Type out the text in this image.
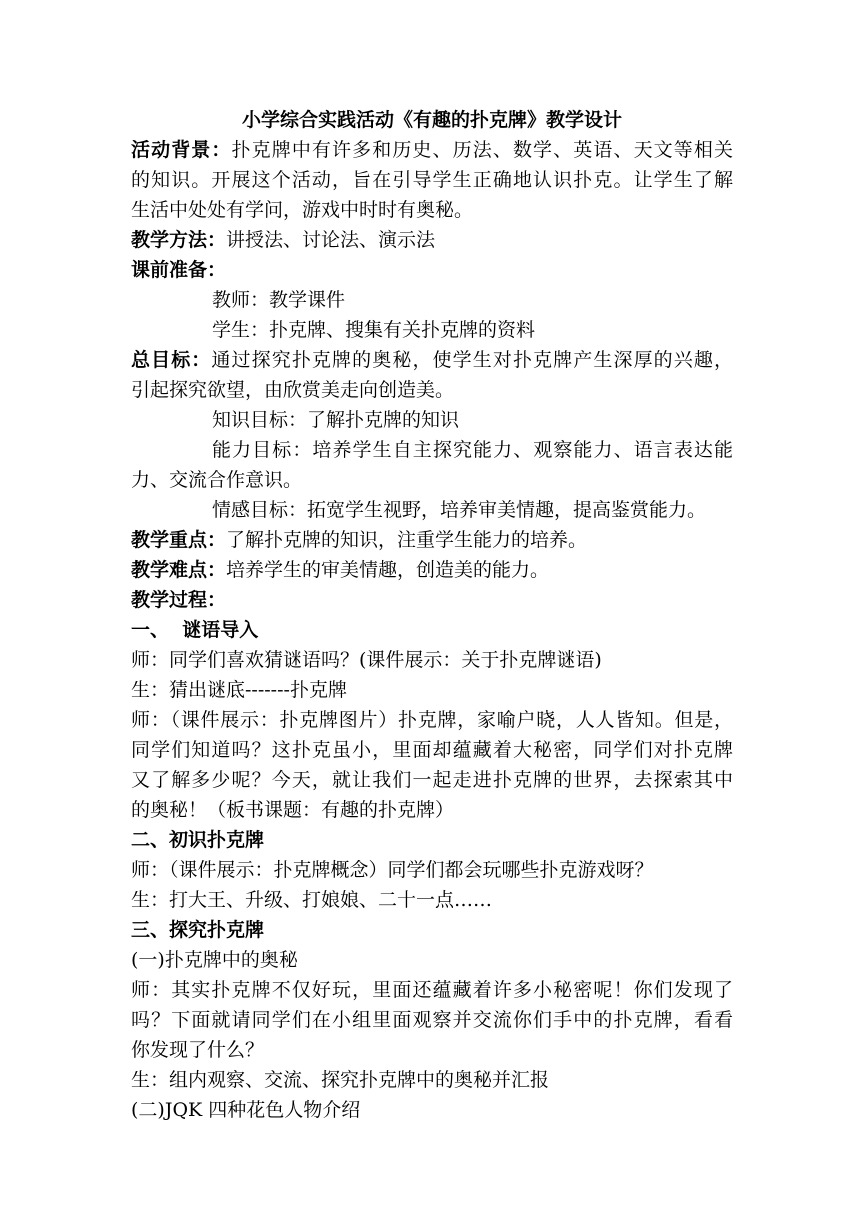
小学综合实践活动《有趣的扑克牌》教学设计
活动背景：扑克牌中有许多和历史、历法、数学、英语、天文等相关
的知识。开展这个活动，旨在引导学生正确地认识扑克。让学生了解
生活中处处有学问，游戏中时时有奥秘。
教学方法：讲授法、讨论法、演示法
课前准备：
教师：教学课件
学生：扑克牌、搜集有关扑克牌的资料
总目标：通过探究扑克牌的奥秘，使学生对扑克牌产生深厚的兴趣，
引起探究欲望，由欣赏美走向创造美。
知识目标：了解扑克牌的知识
能力目标：培养学生自主探究能力、观察能力、语言表达能
力、交流合作意识。
情感目标：拓宽学生视野，培养审美情趣，提高鉴赏能力。
教学重点：了解扑克牌的知识，注重学生能力的培养。
教学难点：培养学生的审美情趣，创造美的能力。
教学过程：
一、  谜语导入
师：同学们喜欢猜谜语吗？(课件展示：关于扑克牌谜语)
生：猜出谜底-------扑克牌
师：（课件展示：扑克牌图片）扑克牌，家喻户晓，人人皆知。但是，
同学们知道吗？这扑克虽小，里面却蕴藏着大秘密，同学们对扑克牌
又了解多少呢？今天，就让我们一起走进扑克牌的世界，去探索其中
的奥秘！（板书课题：有趣的扑克牌）
二、初识扑克牌
师：（课件展示：扑克牌概念）同学们都会玩哪些扑克游戏呀？
生：打大王、升级、打娘娘、二十一点……
三、探究扑克牌
(一)扑克牌中的奥秘
师：其实扑克牌不仅好玩，里面还蕴藏着许多小秘密呢！你们发现了
吗？下面就请同学们在小组里面观察并交流你们手中的扑克牌，看看
你发现了什么？
生：组内观察、交流、探究扑克牌中的奥秘并汇报
(二)JQK 四种花色人物介绍
